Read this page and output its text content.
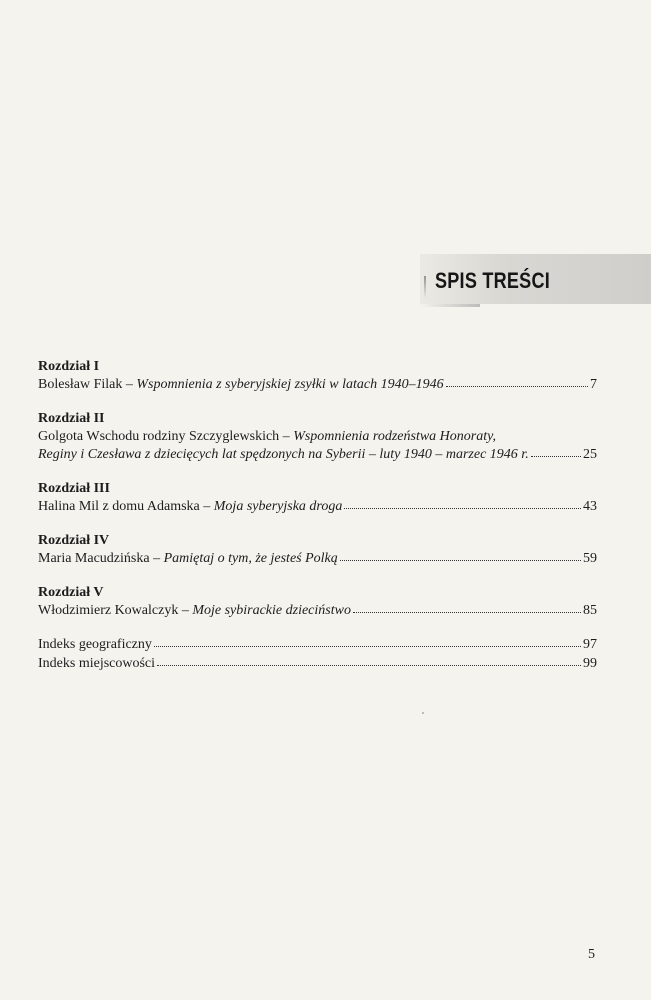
SPIS TREŚCI
Rozdział I
Bolesław Filak – Wspomnienia z syberyjskiej zsyłki w latach 1940–1946	7
Rozdział II
Golgota Wschodu rodziny Szczyglewskich – Wspomnienia rodzeństwa Honoraty,
Reginy i Czesława z dziecięcych lat spędzonych na Syberii – luty 1940 – marzec 1946 r.	25
Rozdział III
Halina Mil z domu Adamska – Moja syberyjska droga	43
Rozdział IV
Maria Macudzińska – Pamiętaj o tym, że jesteś Polką	59
Rozdział V
Włodzimierz Kowalczyk – Moje sybirackie dzieciństwo	85
Indeks geograficzny	97
Indeks miejscowości	99
5
